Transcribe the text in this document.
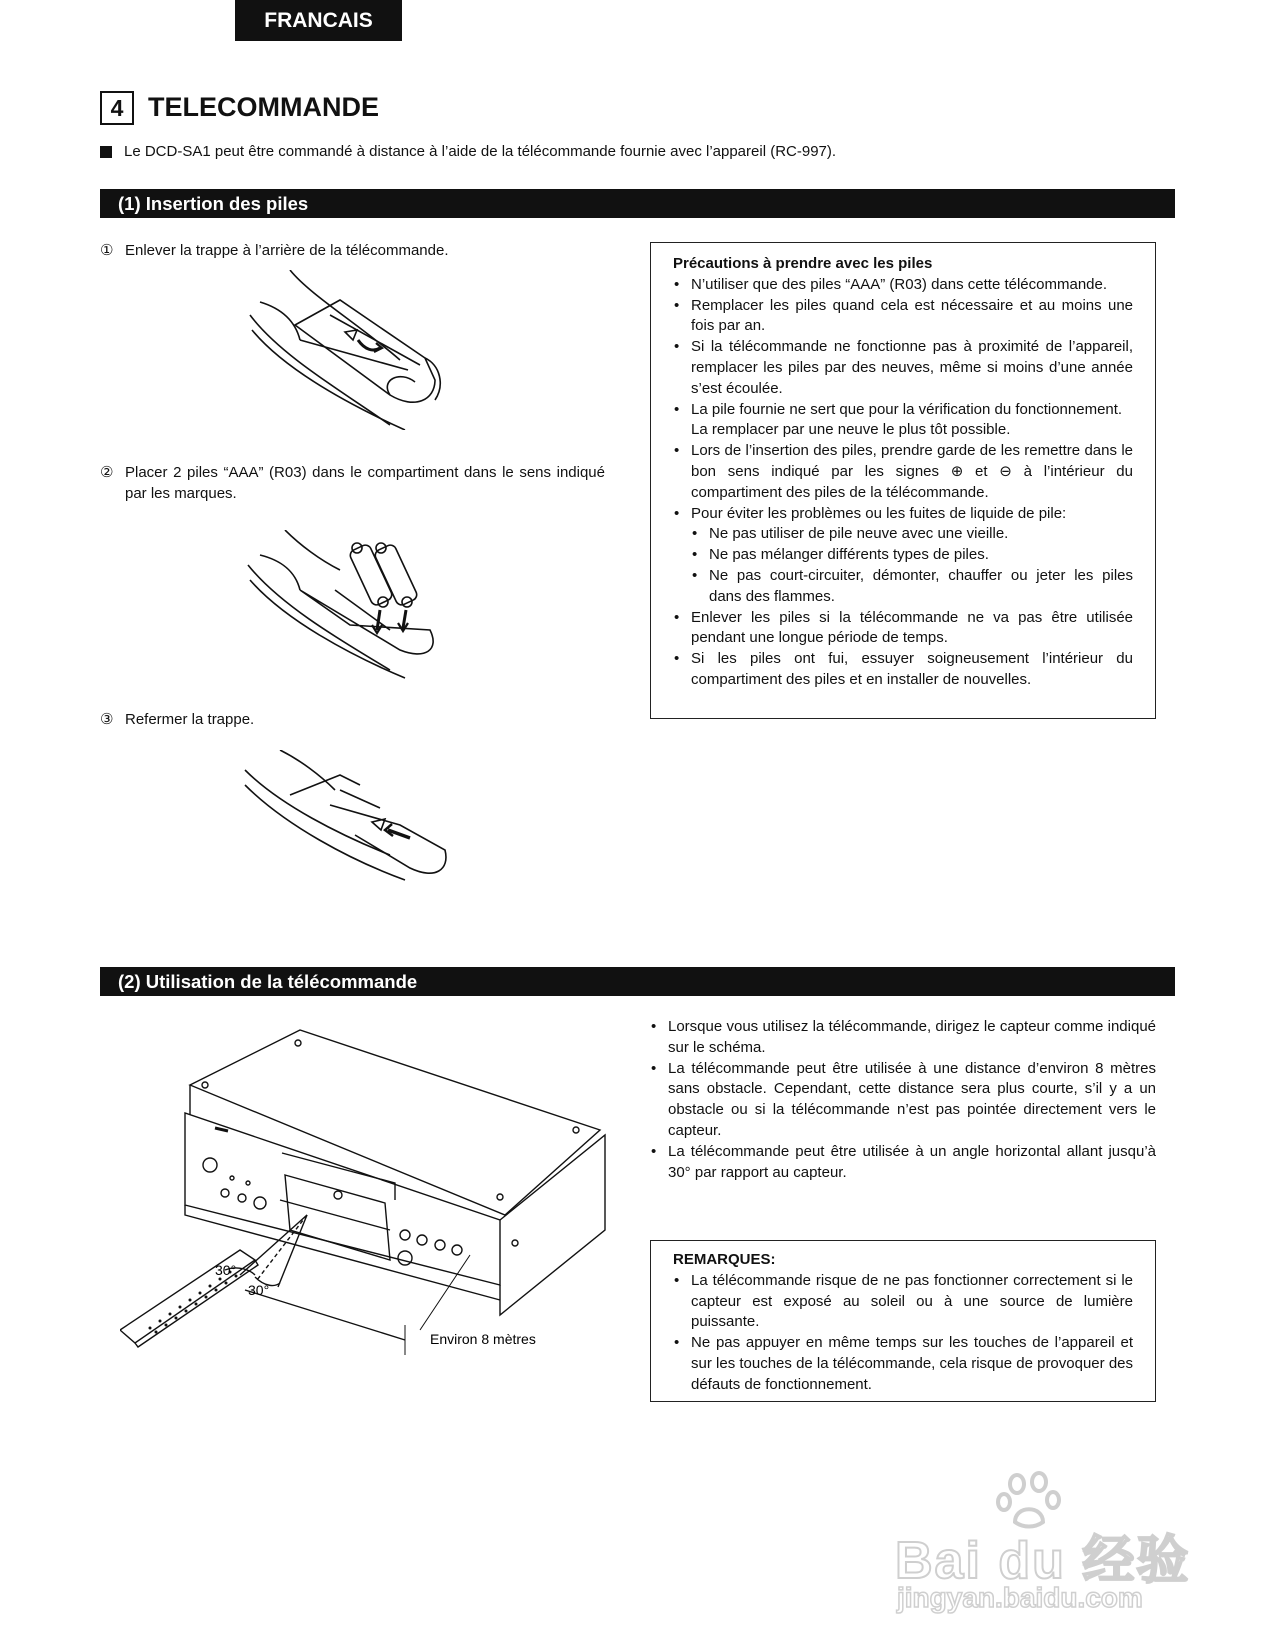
FRANCAIS
4 TELECOMMANDE
Le DCD-SA1 peut être commandé à distance à l’aide de la télécommande fournie avec l’appareil (RC-997).
(1) Insertion des piles
① Enlever la trappe à l’arrière de la télécommande.
② Placer 2 piles “AAA” (R03) dans le compartiment dans le sens indiqué par les marques.
③ Refermer la trappe.
Précautions à prendre avec les piles
• N’utiliser que des piles “AAA” (R03) dans cette télécommande.
• Remplacer les piles quand cela est nécessaire et au moins une fois par an.
• Si la télécommande ne fonctionne pas à proximité de l’appareil, remplacer les piles par des neuves, même si moins d’une année s’est écoulée.
• La pile fournie ne sert que pour la vérification du fonctionnement.
La remplacer par une neuve le plus tôt possible.
• Lors de l’insertion des piles, prendre garde de les remettre dans le bon sens indiqué par les signes ⊕ et ⊖ à l’intérieur du compartiment des piles de la télécommande.
• Pour éviter les problèmes ou les fuites de liquide de pile:
• Ne pas utiliser de pile neuve avec une vieille.
• Ne pas mélanger différents types de piles.
• Ne pas court-circuiter, démonter, chauffer ou jeter les piles dans des flammes.
• Enlever les piles si la télécommande ne va pas être utilisée pendant une longue période de temps.
• Si les piles ont fui, essuyer soigneusement l’intérieur du compartiment des piles et en installer de nouvelles.
(2) Utilisation de la télécommande
• Lorsque vous utilisez la télécommande, dirigez le capteur comme indiqué sur le schéma.
• La télécommande peut être utilisée à une distance d’environ 8 mètres sans obstacle. Cependant, cette distance sera plus courte, s’il y a un obstacle ou si la télécommande n’est pas pointée directement vers le capteur.
• La télécommande peut être utilisée à un angle horizontal allant jusqu’à 30° par rapport au capteur.
30°
30°
Environ 8 mètres
REMARQUES:
• La télécommande risque de ne pas fonctionner correctement si le capteur est exposé au soleil ou à une source de lumière puissante.
• Ne pas appuyer en même temps sur les touches de l’appareil et sur les touches de la télécommande, cela risque de provoquer des défauts de fonctionnement.
Bai du 经验
jingyan.baidu.com
